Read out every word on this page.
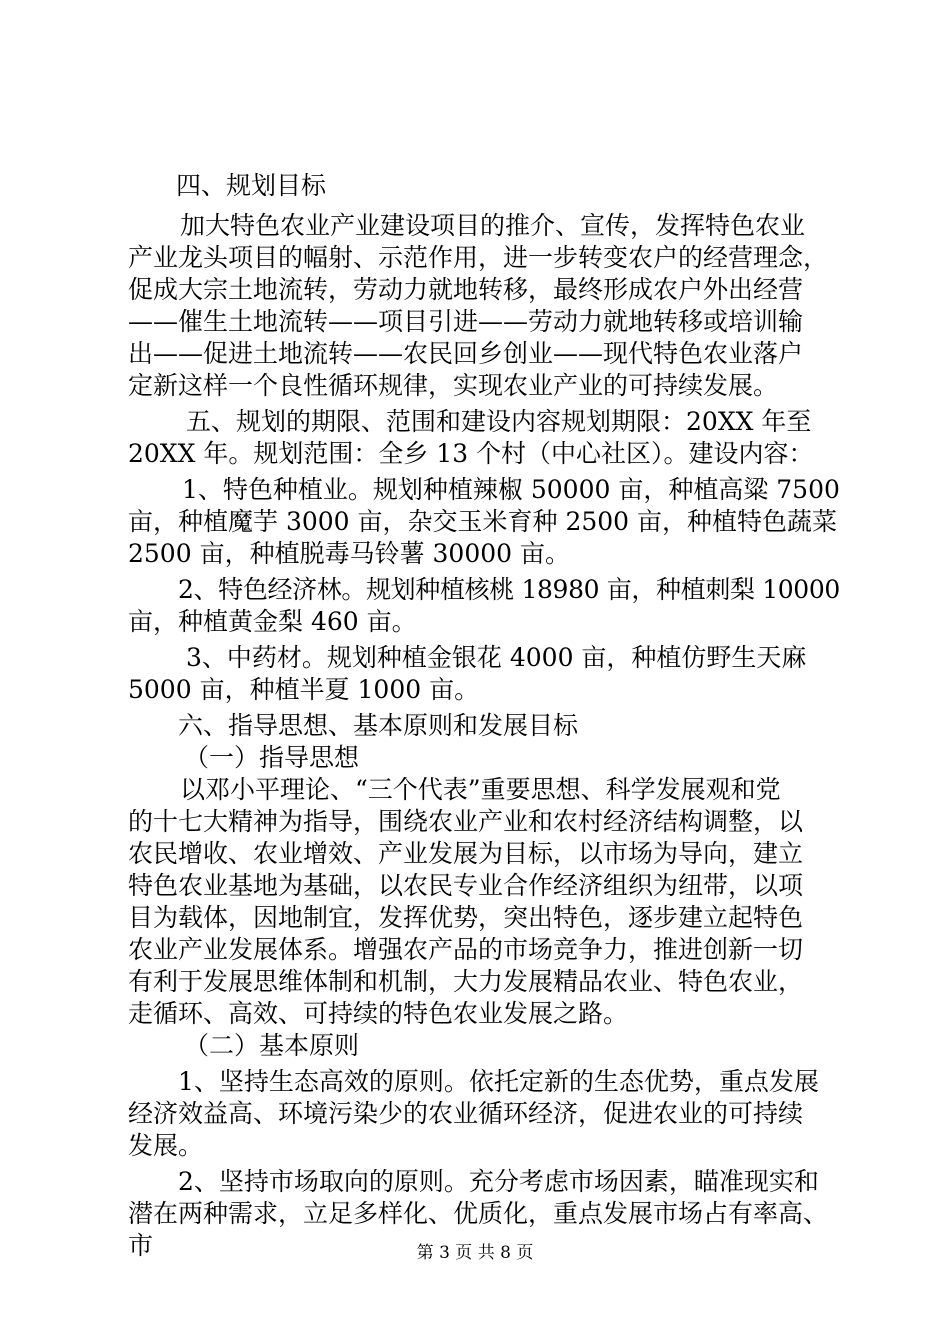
四、规划目标
加大特色农业产业建设项目的推介、宣传，发挥特色农业
产业龙头项目的幅射、示范作用，进一步转变农户的经营理念，
促成大宗土地流转，劳动力就地转移，最终形成农户外出经营
——催生土地流转——项目引进——劳动力就地转移或培训输
出——促进土地流转——农民回乡创业——现代特色农业落户
定新这样一个良性循环规律，实现农业产业的可持续发展。
五、规划的期限、范围和建设内容规划期限：20XX 年至
20XX 年。规划范围：全乡 13 个村（中心社区）。建设内容：
1、特色种植业。规划种植辣椒 50000 亩，种植高粱 7500
亩，种植魔芋 3000 亩，杂交玉米育种 2500 亩，种植特色蔬菜
2500 亩，种植脱毒马铃薯 30000 亩。
2、特色经济林。规划种植核桃 18980 亩，种植刺梨 10000
亩，种植黄金梨 460 亩。
3、中药材。规划种植金银花 4000 亩，种植仿野生天麻
5000 亩，种植半夏 1000 亩。
六、指导思想、基本原则和发展目标
（一）指导思想
以邓小平理论、“三个代表”重要思想、科学发展观和党
的十七大精神为指导，围绕农业产业和农村经济结构调整，以
农民增收、农业增效、产业发展为目标，以市场为导向，建立
特色农业基地为基础，以农民专业合作经济组织为纽带，以项
目为载体，因地制宜，发挥优势，突出特色，逐步建立起特色
农业产业发展体系。增强农产品的市场竞争力，推进创新一切
有利于发展思维体制和机制，大力发展精品农业、特色农业，
走循环、高效、可持续的特色农业发展之路。
（二）基本原则
1、坚持生态高效的原则。依托定新的生态优势，重点发展
经济效益高、环境污染少的农业循环经济，促进农业的可持续
发展。
2、坚持市场取向的原则。充分考虑市场因素，瞄准现实和
潜在两种需求，立足多样化、优质化，重点发展市场占有率高、
市	第 3 页 共 8 页
